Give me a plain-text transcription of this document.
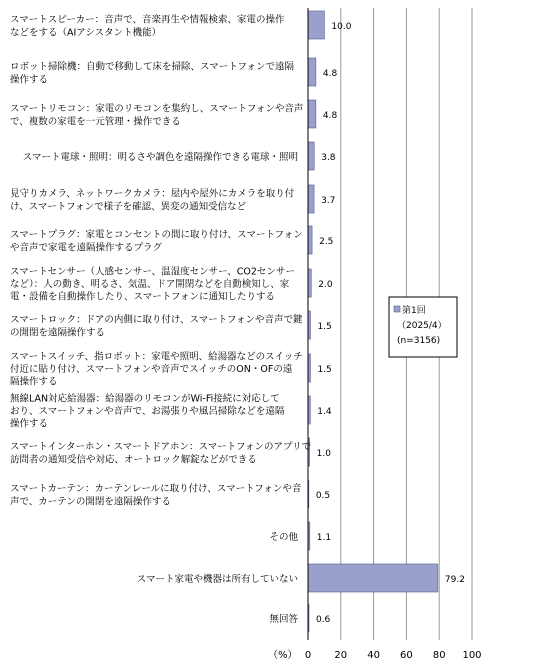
10.0
4.8
4.8
3.8
3.7
2.5
2.0
1.5
1.5
1.4
1.0
0.5
1.1
79.2
0.6
スマートスピーカー：音声で、音楽再生や情報検索、家電の操作などをする（AIアシスタント機能）
ロボット掃除機：自動で移動して床を掃除、スマートフォンで遠隔操作する
スマートリモコン：家電のリモコンを集約し、スマートフォンや音声で、複数の家電を一元管理・操作できる
スマート電球・照明：明るさや調色を遠隔操作できる電球・照明
見守りカメラ、ネットワークカメラ：屋内や屋外にカメラを取り付け、スマートフォンで様子を確認、異変の通知受信など
スマートプラグ：家電とコンセントの間に取り付け、スマートフォンや音声で家電を遠隔操作するプラグ
スマートセンサー（人感センサー、温湿度センサー、CO2センサーなど）：人の動き、明るさ、気温、ドア開閉などを自動検知し、家電・設備を自動操作したり、スマートフォンに通知したりする
スマートロック：ドアの内側に取り付け、スマートフォンや音声で鍵の開閉を遠隔操作する
スマートスイッチ、指ロボット：家電や照明、給湯器などのスイッチ付近に貼り付け、スマートフォンや音声でスイッチのON・OFの遠隔操作する
無線LAN対応給湯器：給湯器のリモコンがWi-Fi接続に対応しており、スマートフォンや音声で、お湯張りや風呂掃除などを遠隔操作する
スマートインターホン・スマートドアホン：スマートフォンのアプリで訪問者の通知受信や対応、オートロック解錠などができる
スマートカーテン：カーテンレールに取り付け、スマートフォンや音声で、カーテンの開閉を遠隔操作する
その他
スマート家電や機器は所有していない
無回答
0 20 40 60 80 100
（%）
第1回（2025/4）(n=3156)
